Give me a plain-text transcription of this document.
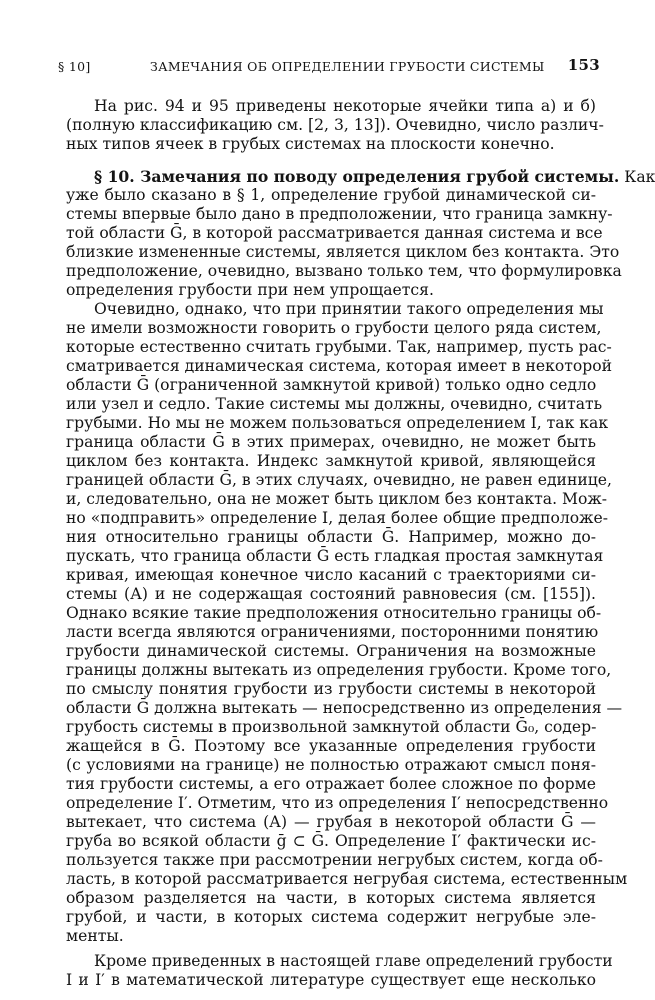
§ 10]	ЗАМЕЧАНИЯ ОБ ОПРЕДЕЛЕНИИ ГРУБОСТИ СИСТЕМЫ 153
На рис. 94 и 95 приведены некоторые ячейки типа а) и б)
(полную классификацию см. [2, 3, 13]). Очевидно, число различ-
ных типов ячеек в грубых системах на плоскости конечно.
§ 10. Замечания по поводу определения грубой системы. Как
уже было сказано в § 1, определение грубой динамической си-
стемы впервые было дано в предположении, что граница замкну-
той области Ḡ, в которой рассматривается данная система и все
близкие измененные системы, является циклом без контакта. Это
предположение, очевидно, вызвано только тем, что формулировка
определения грубости при нем упрощается.
Очевидно, однако, что при принятии такого определения мы
не имели возможности говорить о грубости целого ряда систем,
которые естественно считать грубыми. Так, например, пусть рас-
сматривается динамическая система, которая имеет в некоторой
области Ḡ (ограниченной замкнутой кривой) только одно седло
или узел и седло. Такие системы мы должны, очевидно, считать
грубыми. Но мы не можем пользоваться определением I, так как
граница области Ḡ в этих примерах, очевидно, не может быть
циклом без контакта. Индекс замкнутой кривой, являющейся
границей области Ḡ, в этих случаях, очевидно, не равен единице,
и, следовательно, она не может быть циклом без контакта. Мож-
но «подправить» определение I, делая более общие предположе-
ния относительно границы области Ḡ. Например, можно до-
пускать, что граница области Ḡ есть гладкая простая замкнутая
кривая, имеющая конечное число касаний с траекториями си-
стемы (А) и не содержащая состояний равновесия (см. [155]).
Однако всякие такие предположения относительно границы об-
ласти всегда являются ограничениями, посторонними понятию
грубости динамической системы. Ограничения на возможные
границы должны вытекать из определения грубости. Кроме того,
по смыслу понятия грубости из грубости системы в некоторой
области Ḡ должна вытекать — непосредственно из определения —
грубость системы в произвольной замкнутой области Ḡ₀, содер-
жащейся в Ḡ. Поэтому все указанные определения грубости
(с условиями на границе) не полностью отражают смысл поня-
тия грубости системы, а его отражает более сложное по форме
определение I′. Отметим, что из определения I′ непосредственно
вытекает, что система (А) — грубая в некоторой области Ḡ —
груба во всякой области ḡ ⊂ Ḡ. Определение I′ фактически ис-
пользуется также при рассмотрении негрубых систем, когда об-
ласть, в которой рассматривается негрубая система, естественным
образом разделяется на части, в которых система является
грубой, и части, в которых система содержит негрубые эле-
менты.
Кроме приведенных в настоящей главе определений грубости
I и I′ в математической литературе существует еще несколько
